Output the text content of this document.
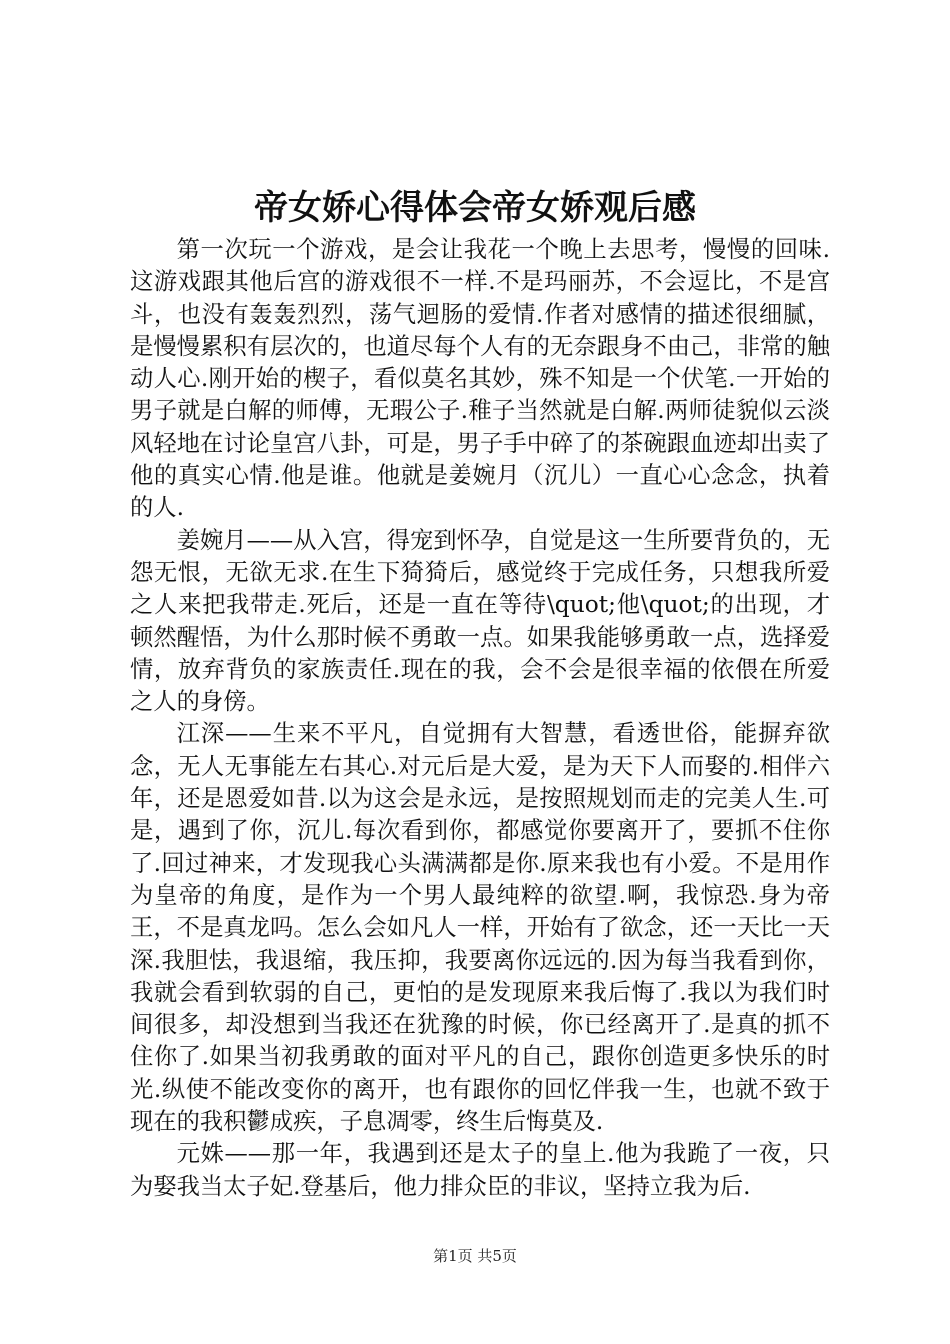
帝女娇心得体会帝女娇观后感

第一次玩一个游戏，是会让我花一个晚上去思考，慢慢的回味.这游戏跟其他后宫的游戏很不一样.不是玛丽苏，不会逗比，不是宫斗，也没有轰轰烈烈，荡气迴肠的爱情.作者对感情的描述很细腻，是慢慢累积有层次的，也道尽每个人有的无奈跟身不由己，非常的触动人心.刚开始的楔子，看似莫名其妙，殊不知是一个伏笔.一开始的男子就是白解的师傅，无瑕公子.稚子当然就是白解.两师徒貌似云淡风轻地在讨论皇宫八卦，可是，男子手中碎了的茶碗跟血迹却出卖了他的真实心情.他是谁。他就是姜婉月（沉儿）一直心心念念，执着的人.

姜婉月——从入宫，得宠到怀孕，自觉是这一生所要背负的，无怨无恨，无欲无求.在生下猗猗后，感觉终于完成任务，只想我所爱之人来把我带走.死后，还是一直在等待\quot;他\quot;的出现，才顿然醒悟，为什么那时候不勇敢一点。如果我能够勇敢一点，选择爱情，放弃背负的家族责任.现在的我，会不会是很幸福的依偎在所爱之人的身傍。

江深——生来不平凡，自觉拥有大智慧，看透世俗，能摒弃欲念，无人无事能左右其心.对元后是大爱，是为天下人而娶的.相伴六年，还是恩爱如昔.以为这会是永远，是按照规划而走的完美人生.可是，遇到了你，沉儿.每次看到你，都感觉你要离开了，要抓不住你了.回过神来，才发现我心头满满都是你.原来我也有小爱。不是用作为皇帝的角度，是作为一个男人最纯粹的欲望.啊，我惊恐.身为帝王，不是真龙吗。怎么会如凡人一样，开始有了欲念，还一天比一天深.我胆怯，我退缩，我压抑，我要离你远远的.因为每当我看到你，我就会看到软弱的自己，更怕的是发现原来我后悔了.我以为我们时间很多，却没想到当我还在犹豫的时候，你已经离开了.是真的抓不住你了.如果当初我勇敢的面对平凡的自己，跟你创造更多快乐的时光.纵使不能改变你的离开，也有跟你的回忆伴我一生，也就不致于现在的我积鬱成疾，子息凋零，终生后悔莫及.

元姝——那一年，我遇到还是太子的皇上.他为我跪了一夜，只为娶我当太子妃.登基后，他力排众臣的非议，坚持立我为后.

第1页 共5页
